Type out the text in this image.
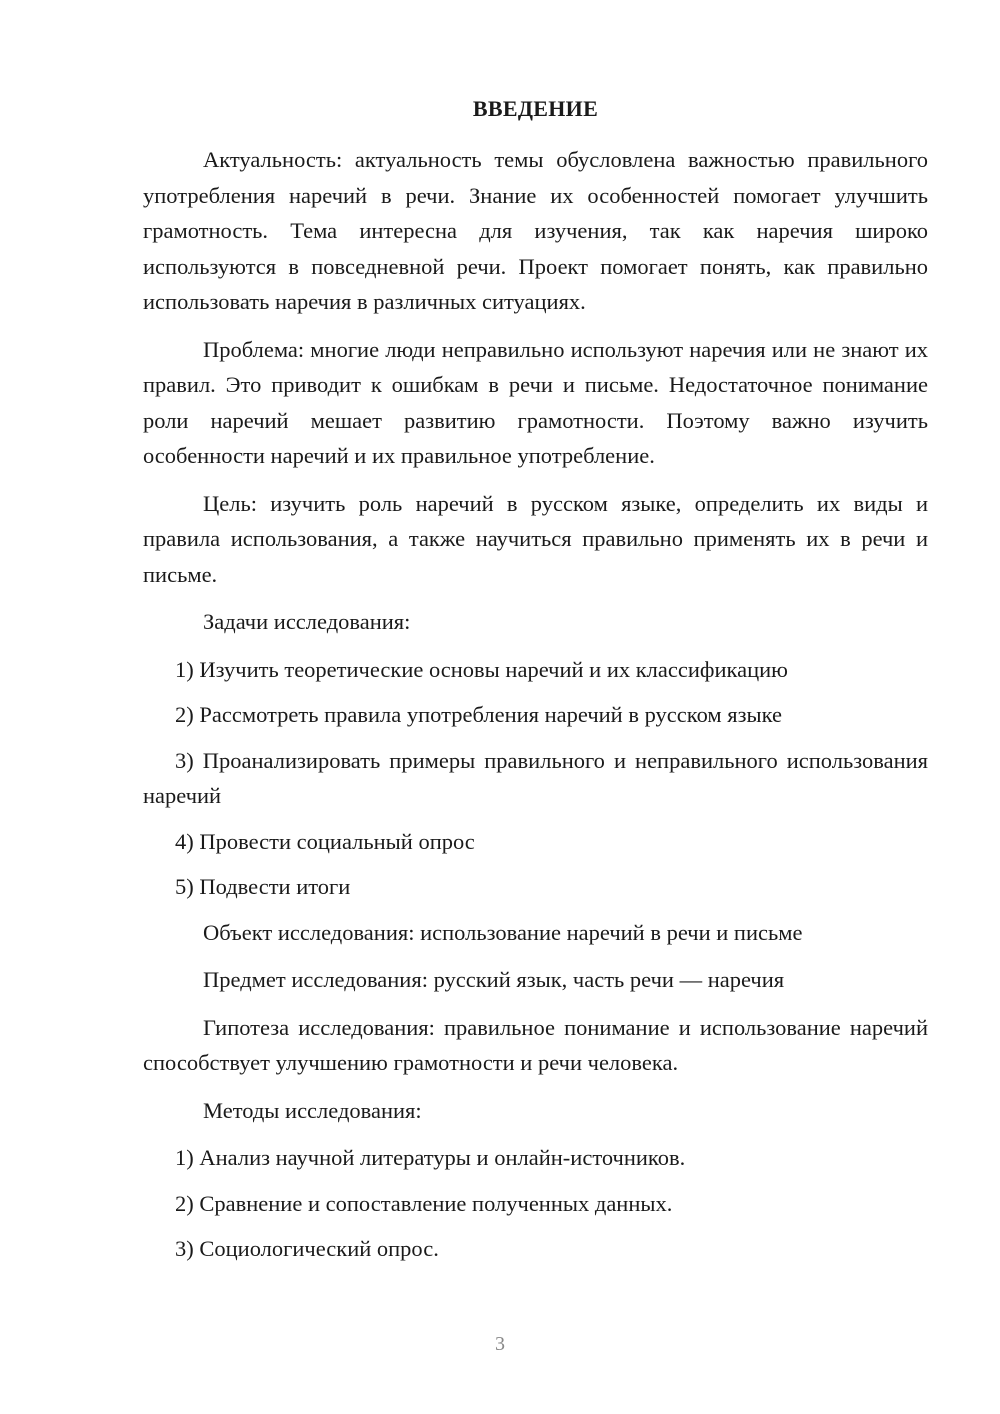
ВВЕДЕНИЕ

Актуальность: актуальность темы обусловлена важностью правильного употребления наречий в речи. Знание их особенностей помогает улучшить грамотность. Тема интересна для изучения, так как наречия широко используются в повседневной речи. Проект помогает понять, как правильно использовать наречия в различных ситуациях.

Проблема: многие люди неправильно используют наречия или не знают их правил. Это приводит к ошибкам в речи и письме. Недостаточное понимание роли наречий мешает развитию грамотности. Поэтому важно изучить особенности наречий и их правильное употребление.

Цель: изучить роль наречий в русском языке, определить их виды и правила использования, а также научиться правильно применять их в речи и письме.

Задачи исследования:

1) Изучить теоретические основы наречий и их классификацию

2) Рассмотреть правила употребления наречий в русском языке

3) Проанализировать примеры правильного и неправильного использования наречий

4) Провести социальный опрос

5) Подвести итоги

Объект исследования: использование наречий в речи и письме

Предмет исследования: русский язык, часть речи — наречия

Гипотеза исследования: правильное понимание и использование наречий способствует улучшению грамотности и речи человека.

Методы исследования:

1) Анализ научной литературы и онлайн-источников.

2) Сравнение и сопоставление полученных данных.

3) Социологический опрос.

3
